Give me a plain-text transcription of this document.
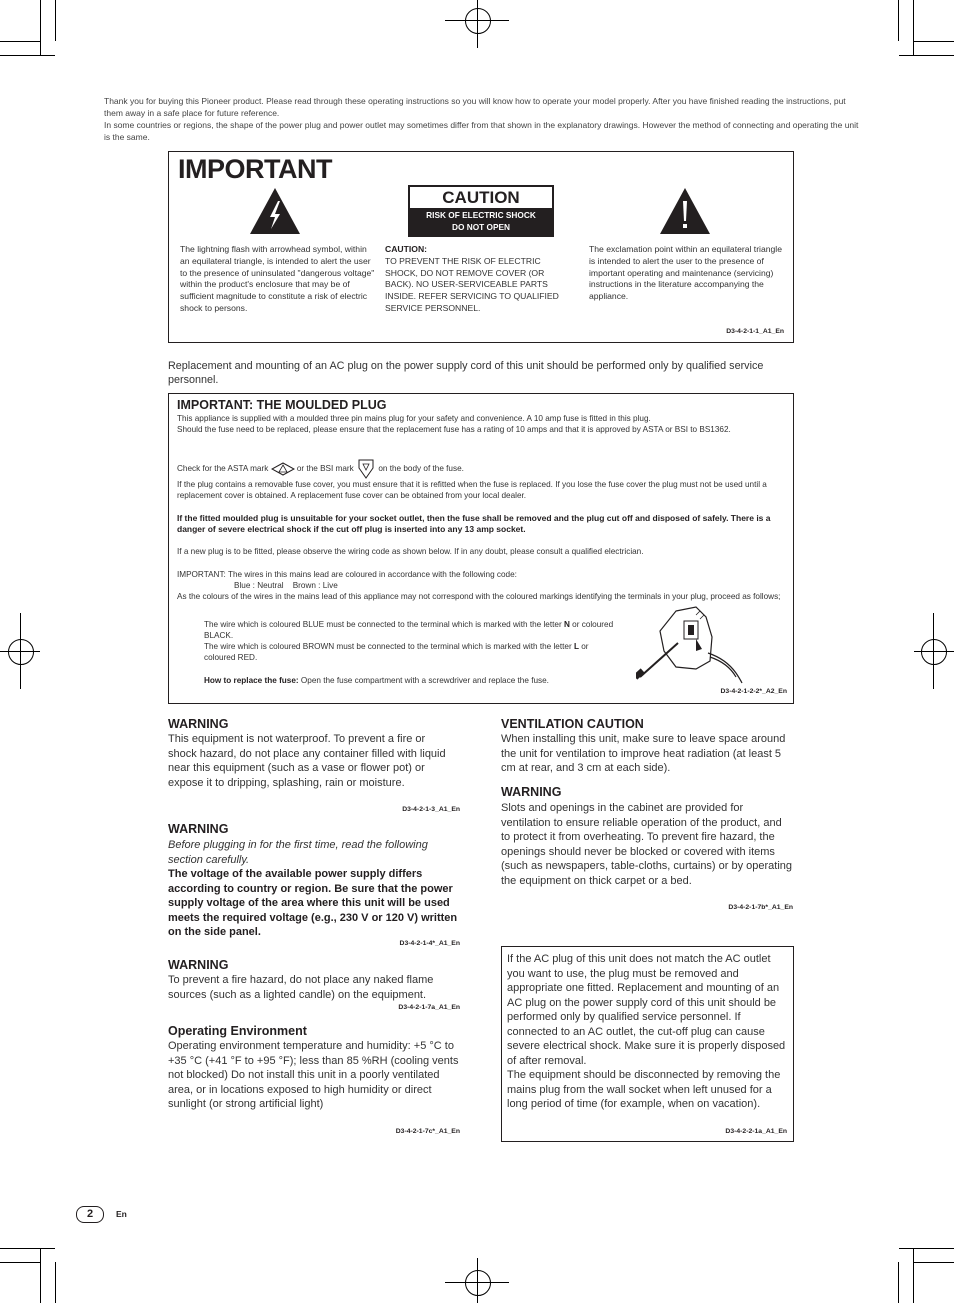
Thank you for buying this Pioneer product. Please read through these operating instructions so you will know how to operate your model properly. After you have finished reading the instructions, put them away in a safe place for future reference.

In some countries or regions, the shape of the power plug and power outlet may sometimes differ from that shown in the explanatory drawings. However the method of connecting and operating the unit is the same.

IMPORTANT
CAUTION
RISK OF ELECTRIC SHOCK
DO NOT OPEN
The lightning flash with arrowhead symbol, within an equilateral triangle, is intended to alert the user to the presence of uninsulated "dangerous voltage" within the product's enclosure that may be of sufficient magnitude to constitute a risk of electric shock to persons.
CAUTION:
TO PREVENT THE RISK OF ELECTRIC SHOCK, DO NOT REMOVE COVER (OR BACK). NO USER-SERVICEABLE PARTS INSIDE. REFER SERVICING TO QUALIFIED SERVICE PERSONNEL.
The exclamation point within an equilateral triangle is intended to alert the user to the presence of important operating and maintenance (servicing) instructions in the literature accompanying the appliance.
D3-4-2-1-1_A1_En
Replacement and mounting of an AC plug on the power supply cord of this unit should be performed only by qualified service personnel.
IMPORTANT: THE MOULDED PLUG
This appliance is supplied with a moulded three pin mains plug for your safety and convenience. A 10 amp fuse is fitted in this plug.
Should the fuse need to be replaced, please ensure that the replacement fuse has a rating of 10 amps and that it is approved by ASTA or BSI to BS1362.
Check for the ASTA mark	or the BSI mark	on the body of the fuse.
If the plug contains a removable fuse cover, you must ensure that it is refitted when the fuse is replaced. If you lose the fuse cover the plug must not be used until a replacement cover is obtained. A replacement fuse cover can be obtained from your local dealer.
If the fitted moulded plug is unsuitable for your socket outlet, then the fuse shall be removed and the plug cut off and disposed of safely. There is a danger of severe electrical shock if the cut off plug is inserted into any 13 amp socket.
If a new plug is to be fitted, please observe the wiring code as shown below. If in any doubt, please consult a qualified electrician.
IMPORTANT: The wires in this mains lead are coloured in accordance with the following code:
Blue : Neutral    Brown : Live
As the colours of the wires in the mains lead of this appliance may not correspond with the coloured markings identifying the terminals in your plug, proceed as follows;
The wire which is coloured BLUE must be connected to the terminal which is marked with the letter N or coloured BLACK.
The wire which is coloured BROWN must be connected to the terminal which is marked with the letter L or coloured RED.
How to replace the fuse: Open the fuse compartment with a screwdriver and replace the fuse.
D3-4-2-1-2-2*_A2_En
WARNING
This equipment is not waterproof. To prevent a fire or shock hazard, do not place any container filled with liquid near this equipment (such as a vase or flower pot) or expose it to dripping, splashing, rain or moisture.
D3-4-2-1-3_A1_En
WARNING
Before plugging in for the first time, read the following section carefully.
The voltage of the available power supply differs according to country or region. Be sure that the power supply voltage of the area where this unit will be used meets the required voltage (e.g., 230 V or 120 V) written on the side panel.
D3-4-2-1-4*_A1_En
WARNING
To prevent a fire hazard, do not place any naked flame sources (such as a lighted candle) on the equipment.
D3-4-2-1-7a_A1_En
Operating Environment
Operating environment temperature and humidity: +5 °C to +35 °C (+41 °F to +95 °F); less than 85 %RH (cooling vents not blocked) Do not install this unit in a poorly ventilated area, or in locations exposed to high humidity or direct sunlight (or strong artificial light)
D3-4-2-1-7c*_A1_En
VENTILATION CAUTION
When installing this unit, make sure to leave space around the unit for ventilation to improve heat radiation (at least 5 cm at rear, and 3 cm at each side).
WARNING
Slots and openings in the cabinet are provided for ventilation to ensure reliable operation of the product, and to protect it from overheating. To prevent fire hazard, the openings should never be blocked or covered with items (such as newspapers, table-cloths, curtains) or by operating the equipment on thick carpet or a bed.
D3-4-2-1-7b*_A1_En
If the AC plug of this unit does not match the AC outlet you want to use, the plug must be removed and appropriate one fitted. Replacement and mounting of an AC plug on the power supply cord of this unit should be performed only by qualified service personnel. If connected to an AC outlet, the cut-off plug can cause severe electrical shock. Make sure it is properly disposed of after removal.
The equipment should be disconnected by removing the mains plug from the wall socket when left unused for a long period of time (for example, when on vacation).
D3-4-2-2-1a_A1_En
2	En
